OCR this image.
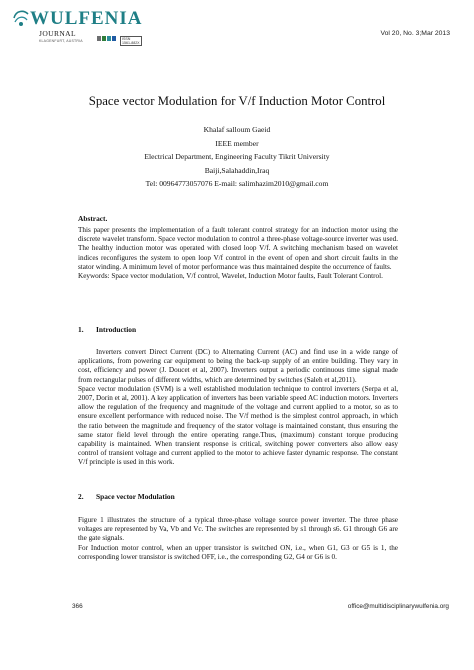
WULFENIA
JOURNAL
KLAGENFURT, AUSTRIA	ISSN 1561-882X
Vol 20, No. 3;Mar 2013
Space vector Modulation for V/f Induction Motor Control
Khalaf salloum Gaeid
IEEE member
Electrical Department, Engineering Faculty Tikrit University
Baiji,Salahaddin,Iraq
Tel: 00964773057076 E-mail: salimhazim2010@gmail.com
Abstract.

This paper presents the implementation of a fault tolerant control strategy for an induction motor using the discrete wavelet transform. Space vector modulation to control a three-phase voltage-source inverter was used. The healthy induction motor was operated with closed loop V/f. A switching mechanism based on wavelet indices reconfigures the system to open loop V/f control in the event of open and short circuit faults in the stator winding. A minimum level of motor performance was thus maintained despite the occurrence of faults.

Keywords: Space vector modulation, V/f control, Wavelet, Induction Motor faults, Fault Tolerant Control.

1. Introduction

Inverters convert Direct Current (DC) to Alternating Current (AC) and find use in a wide range of applications, from powering car equipment to being the back-up supply of an entire building. They vary in cost, efficiency and power (J. Doucet et al, 2007). Inverters output a periodic continuous time signal made from rectangular pulses of different widths, which are determined by switches (Saleh et al,2011).

Space vector modulation (SVM) is a well established modulation technique to control inverters (Serpa et al, 2007, Dorin et al, 2001). A key application of inverters has been variable speed AC induction motors. Inverters allow the regulation of the frequency and magnitude of the voltage and current applied to a motor, so as to ensure excellent performance with reduced noise. The V/f method is the simplest control approach, in which the ratio between the magnitude and frequency of the stator voltage is maintained constant, thus ensuring the same stator field level through the entire operating range.Thus, (maximum) constant torque producing capability is maintained. When transient response is critical, switching power converters also allow easy control of transient voltage and current applied to the motor to achieve faster dynamic response. The constant V/f principle is used in this work.

2. Space vector Modulation

Figure 1 illustrates the structure of a typical three-phase voltage source power inverter. The three phase voltages are represented by Va, Vb and Vc. The switches are represented by s1 through s6. G1 through G6 are the gate signals.

For Induction motor control, when an upper transistor is switched ON, i.e., when G1, G3 or G5 is 1, the corresponding lower transistor is switched OFF, i.e., the corresponding G2, G4 or G6 is 0.

366	office@multidisciplinarywulfenia.org
